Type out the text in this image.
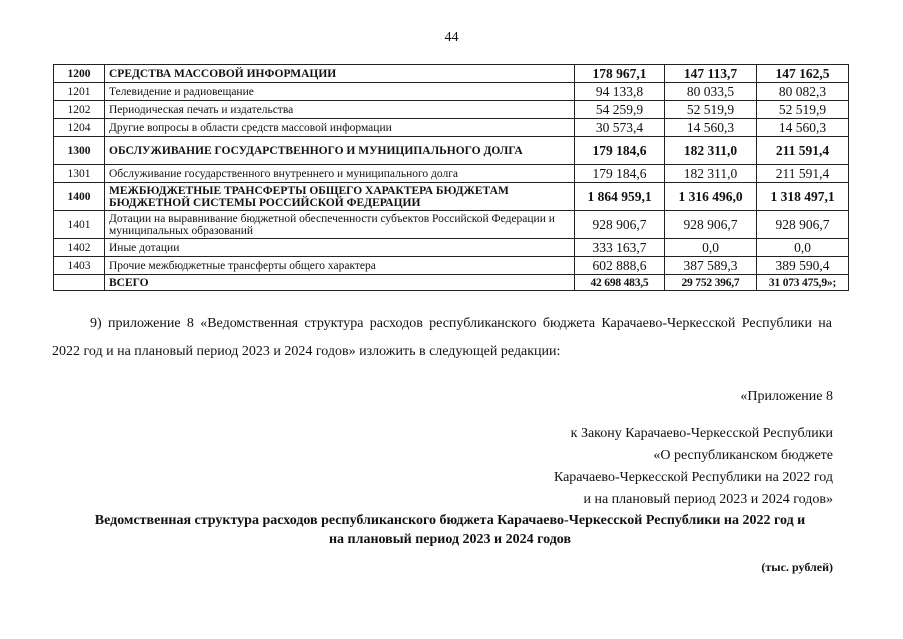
44
1200	СРЕДСТВА МАССОВОЙ ИНФОРМАЦИИ	178 967,1	147 113,7	147 162,5
1201	Телевидение и радиовещание	94 133,8	80 033,5	80 082,3
1202	Периодическая печать и издательства	54 259,9	52 519,9	52 519,9
1204	Другие вопросы в области средств массовой информации	30 573,4	14 560,3	14 560,3
1300	ОБСЛУЖИВАНИЕ ГОСУДАРСТВЕННОГО И МУНИЦИПАЛЬНОГО ДОЛГА	179 184,6	182 311,0	211 591,4
1301	Обслуживание государственного внутреннего и муниципального долга	179 184,6	182 311,0	211 591,4
1400	МЕЖБЮДЖЕТНЫЕ ТРАНСФЕРТЫ ОБЩЕГО ХАРАКТЕРА БЮДЖЕТАМ БЮДЖЕТНОЙ СИСТЕМЫ РОССИЙСКОЙ ФЕДЕРАЦИИ	1 864 959,1	1 316 496,0	1 318 497,1
1401	Дотации на выравнивание бюджетной обеспеченности субъектов Российской Федерации и муниципальных образований	928 906,7	928 906,7	928 906,7
1402	Иные дотации	333 163,7	0,0	0,0
1403	Прочие межбюджетные трансферты общего характера	602 888,6	387 589,3	389 590,4
	ВСЕГО	42 698 483,5	29 752 396,7	31 073 475,9»;
9) приложение 8 «Ведомственная структура расходов республиканского бюджета Карачаево-Черкесской Республики на 2022 год и на плановый период 2023 и 2024 годов» изложить в следующей редакции:
«Приложение 8
к Закону Карачаево-Черкесской Республики
«О республиканском бюджете
Карачаево-Черкесской Республики на 2022 год
и на плановый период 2023 и 2024 годов»
Ведомственная структура расходов республиканского бюджета Карачаево-Черкесской Республики на 2022 год и
на плановый период 2023 и 2024 годов
(тыс. рублей)
